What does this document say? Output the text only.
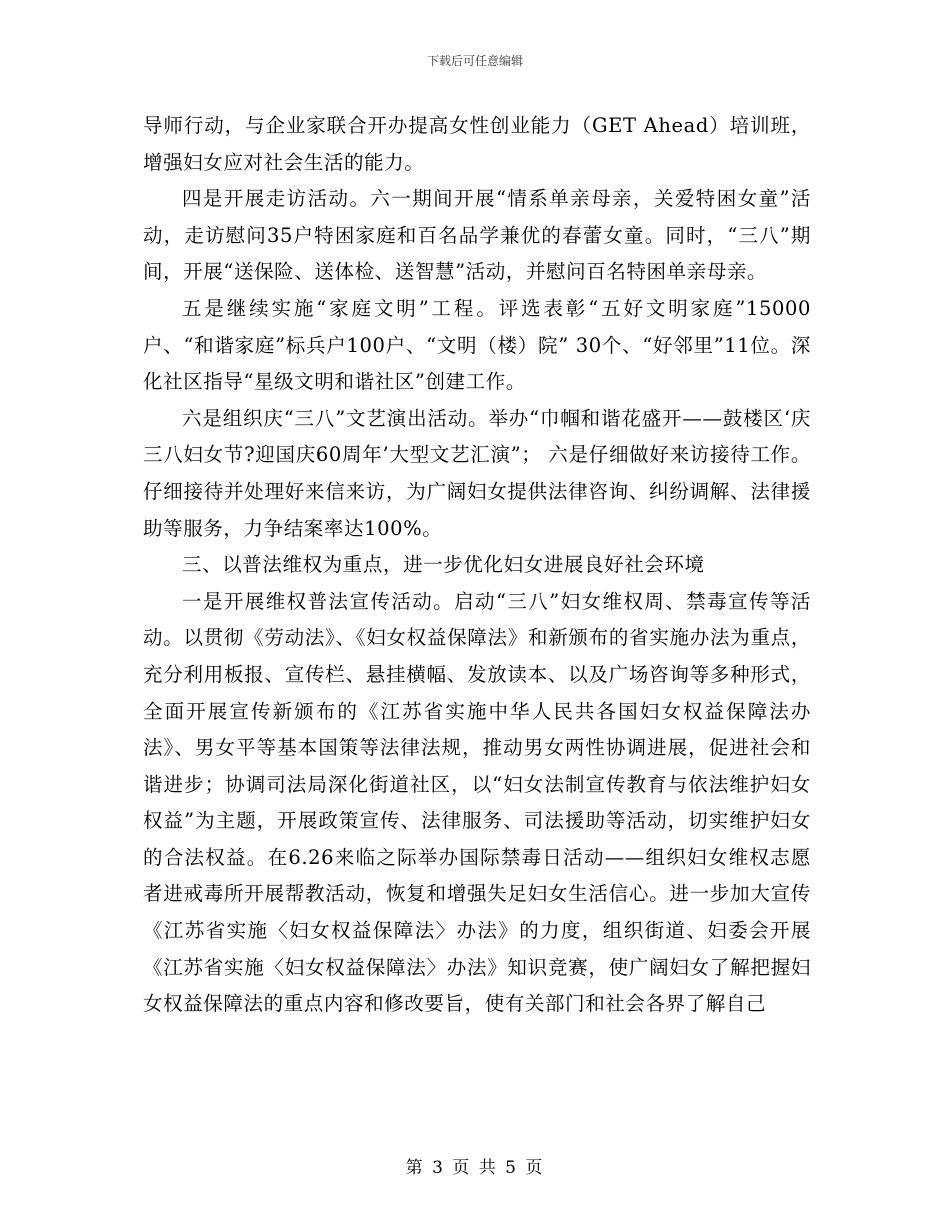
下载后可任意编辑

导师行动，与企业家联合开办提高女性创业能力（GET Ahead）培训班，增强妇女应对社会生活的能力。

四是开展走访活动。六一期间开展“情系单亲母亲，关爱特困女童”活动，走访慰问35户特困家庭和百名品学兼优的春蕾女童。同时，“三八”期间，开展“送保险、送体检、送智慧”活动，并慰问百名特困单亲母亲。

五是继续实施“家庭文明”工程。评选表彰“五好文明家庭”15000户、“和谐家庭”标兵户100户、“文明（楼）院” 30个、“好邻里”11位。深化社区指导“星级文明和谐社区”创建工作。

六是组织庆“三八”文艺演出活动。举办“巾帼和谐花盛开——鼓楼区‘庆三八妇女节?迎国庆60周年’大型文艺汇演”； 六是仔细做好来访接待工作。仔细接待并处理好来信来访，为广阔妇女提供法律咨询、纠纷调解、法律援助等服务，力争结案率达100%。

三、以普法维权为重点，进一步优化妇女进展良好社会环境

一是开展维权普法宣传活动。启动“三八”妇女维权周、禁毒宣传等活动。以贯彻《劳动法》、《妇女权益保障法》和新颁布的省实施办法为重点，充分利用板报、宣传栏、悬挂横幅、发放读本、以及广场咨询等多种形式，全面开展宣传新颁布的《江苏省实施中华人民共各国妇女权益保障法办法》、男女平等基本国策等法律法规，推动男女两性协调进展，促进社会和谐进步；协调司法局深化街道社区，以“妇女法制宣传教育与依法维护妇女权益”为主题，开展政策宣传、法律服务、司法援助等活动，切实维护妇女的合法权益。在6.26来临之际举办国际禁毒日活动——组织妇女维权志愿者进戒毒所开展帮教活动，恢复和增强失足妇女生活信心。进一步加大宣传《江苏省实施〈妇女权益保障法〉办法》的力度，组织街道、妇委会开展《江苏省实施〈妇女权益保障法〉办法》知识竞赛，使广阔妇女了解把握妇女权益保障法的重点内容和修改要旨，使有关部门和社会各界了解自己

第 3 页 共 5 页
